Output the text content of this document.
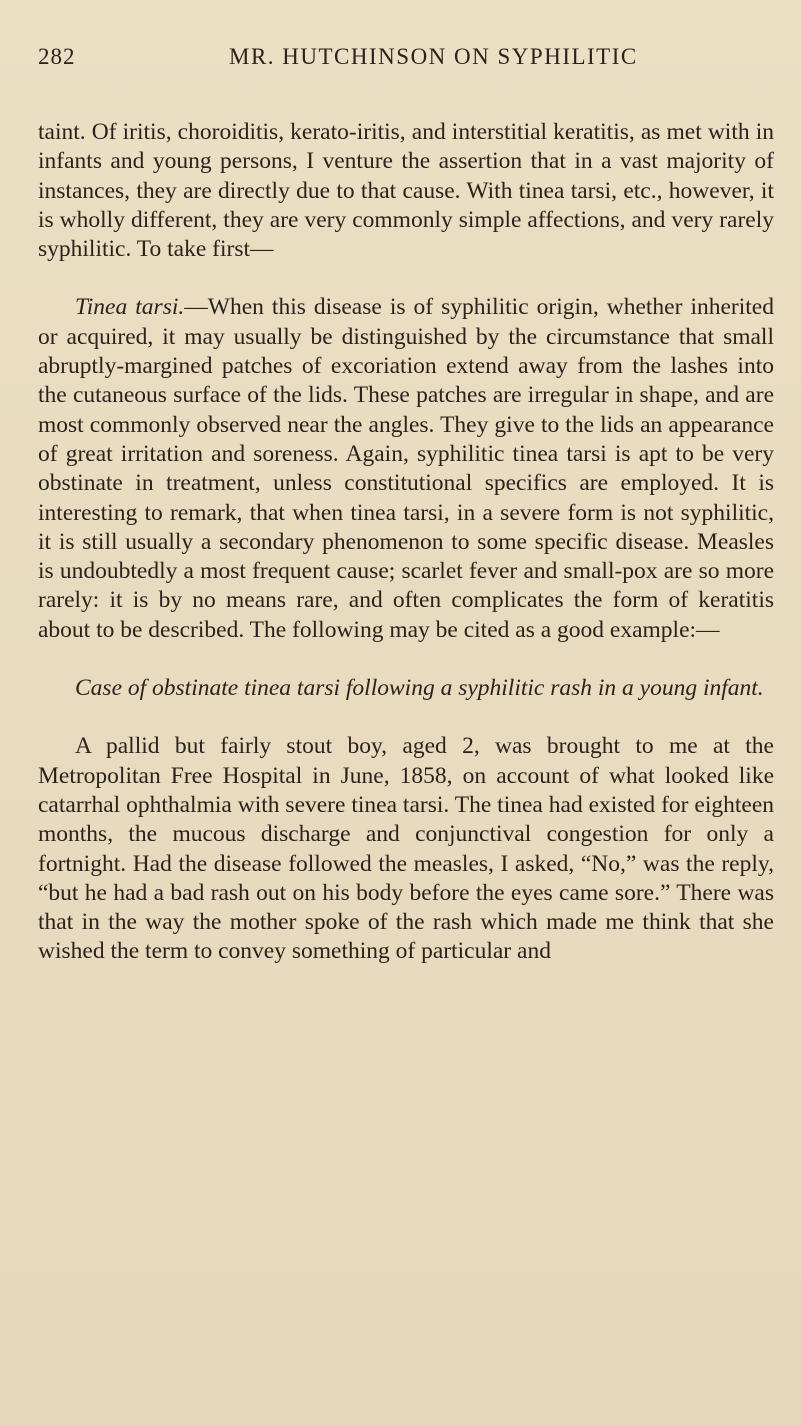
282	MR. HUTCHINSON ON SYPHILITIC

taint. Of iritis, choroiditis, kerato-iritis, and interstitial keratitis, as met with in infants and young persons, I venture the assertion that in a vast majority of instances, they are directly due to that cause. With tinea tarsi, etc., however, it is wholly different, they are very commonly simple affections, and very rarely syphilitic. To take first—

Tinea tarsi.—When this disease is of syphilitic origin, whether inherited or acquired, it may usually be distinguished by the circumstance that small abruptly-margined patches of excoriation extend away from the lashes into the cutaneous surface of the lids. These patches are irregular in shape, and are most commonly observed near the angles. They give to the lids an appearance of great irritation and soreness. Again, syphilitic tinea tarsi is apt to be very obstinate in treatment, unless constitutional specifics are employed. It is interesting to remark, that when tinea tarsi, in a severe form is not syphilitic, it is still usually a secondary phenomenon to some specific disease. Measles is undoubtedly a most frequent cause; scarlet fever and small-pox are so more rarely: it is by no means rare, and often complicates the form of keratitis about to be described. The following may be cited as a good example:—

Case of obstinate tinea tarsi following a syphilitic rash in a young infant.

A pallid but fairly stout boy, aged 2, was brought to me at the Metropolitan Free Hospital in June, 1858, on account of what looked like catarrhal ophthalmia with severe tinea tarsi. The tinea had existed for eighteen months, the mucous discharge and conjunctival congestion for only a fortnight. Had the disease followed the measles, I asked, “No,” was the reply, “but he had a bad rash out on his body before the eyes came sore.” There was that in the way the mother spoke of the rash which made me think that she wished the term to convey something of particular and
